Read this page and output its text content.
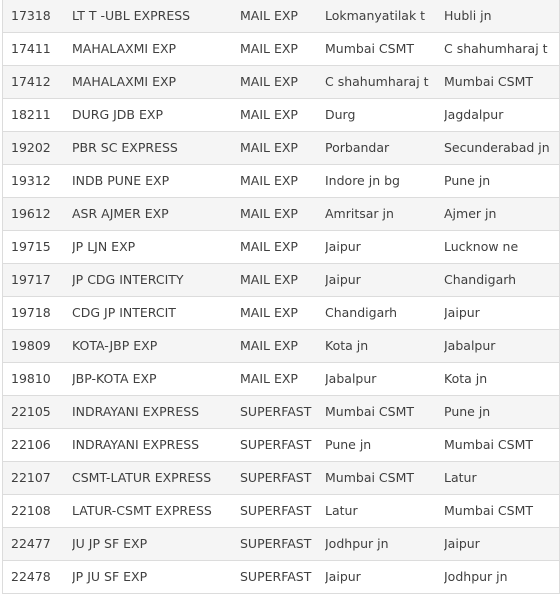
17318	LT T -UBL EXPRESS	MAIL EXP	Lokmanyatilak t	Hubli jn
17411	MAHALAXMI EXP	MAIL EXP	Mumbai CSMT	C shahumharaj t
17412	MAHALAXMI EXP	MAIL EXP	C shahumharaj t	Mumbai CSMT
18211	DURG JDB EXP	MAIL EXP	Durg	Jagdalpur
19202	PBR SC EXPRESS	MAIL EXP	Porbandar	Secunderabad jn
19312	INDB PUNE EXP	MAIL EXP	Indore jn bg	Pune jn
19612	ASR AJMER EXP	MAIL EXP	Amritsar jn	Ajmer jn
19715	JP LJN EXP	MAIL EXP	Jaipur	Lucknow ne
19717	JP CDG INTERCITY	MAIL EXP	Jaipur	Chandigarh
19718	CDG JP INTERCIT	MAIL EXP	Chandigarh	Jaipur
19809	KOTA-JBP EXP	MAIL EXP	Kota jn	Jabalpur
19810	JBP-KOTA EXP	MAIL EXP	Jabalpur	Kota jn
22105	INDRAYANI EXPRESS	SUPERFAST	Mumbai CSMT	Pune jn
22106	INDRAYANI EXPRESS	SUPERFAST	Pune jn	Mumbai CSMT
22107	CSMT-LATUR EXPRESS	SUPERFAST	Mumbai CSMT	Latur
22108	LATUR-CSMT EXPRESS	SUPERFAST	Latur	Mumbai CSMT
22477	JU JP SF EXP	SUPERFAST	Jodhpur jn	Jaipur
22478	JP JU SF EXP	SUPERFAST	Jaipur	Jodhpur jn
